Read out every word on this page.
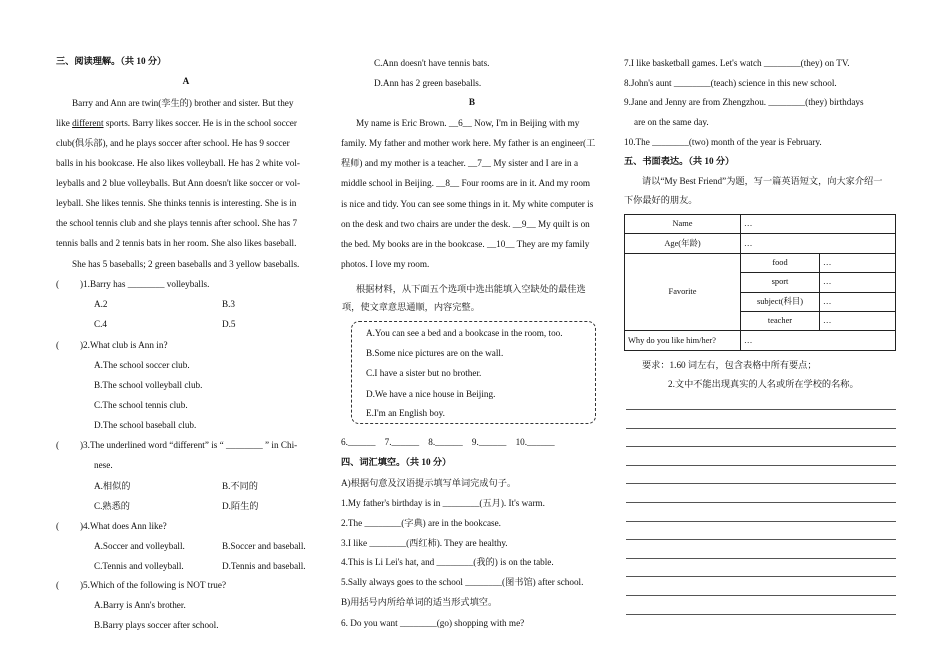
三、阅读理解。（共 10 分）
A
Barry and Ann are twin(孪生的) brother and sister. But they
like different sports. Barry likes soccer. He is in the school soccer
club(俱乐部), and he plays soccer after school. He has 9 soccer
balls in his bookcase. He also likes volleyball. He has 2 white vol-
leyballs and 2 blue volleyballs. But Ann doesn't like soccer or vol-
leyball. She likes tennis. She thinks tennis is interesting. She is in
the school tennis club and she plays tennis after school. She has 7
tennis balls and 2 tennis bats in her room. She also likes baseball.
She has 5 baseballs; 2 green baseballs and 3 yellow baseballs.
( )1.Barry has ________ volleyballs.
A.2	B.3
C.4	D.5
( )2.What club is Ann in?
A.The school soccer club.
B.The school volleyball club.
C.The school tennis club.
D.The school baseball club.
( )3.The underlined word “different” is “ ________ ” in Chi-
nese.
A.相似的	B.不同的
C.熟悉的	D.陌生的
( )4.What does Ann like?
A.Soccer and volleyball.	B.Soccer and baseball.
C.Tennis and volleyball.	D.Tennis and baseball.
( )5.Which of the following is NOT true?
A.Barry is Ann's brother.
B.Barry plays soccer after school.
C.Ann doesn't have tennis bats.
D.Ann has 2 green baseballs.
B
My name is Eric Brown. __6__ Now, I'm in Beijing with my
family. My father and mother work here. My father is an engineer(工
程师) and my mother is a teacher. __7__ My sister and I are in a
middle school in Beijing. __8__ Four rooms are in it. And my room
is nice and tidy. You can see some things in it. My white computer is
on the desk and two chairs are under the desk. __9__ My quilt is on
the bed. My books are in the bookcase. __10__ They are my family
photos. I love my room.
根据材料，从下面五个选项中选出能填入空缺处的最佳选
项，使文章意思通顺，内容完整。
A.You can see a bed and a bookcase in the room, too.
B.Some nice pictures are on the wall.
C.I have a sister but no brother.
D.We have a nice house in Beijing.
E.I'm an English boy.
6.______    7.______    8.______    9.______    10.______
四、词汇填空。（共 10 分）
A)根据句意及汉语提示填写单词完成句子。
1.My father's birthday is in ________(五月). It's warm.
2.The ________(字典) are in the bookcase.
3.I like ________(西红柿). They are healthy.
4.This is Li Lei's hat, and ________(我的) is on the table.
5.Sally always goes to the school ________(图书馆) after school.
B)用括号内所给单词的适当形式填空。
6. Do you want ________(go) shopping with me?
7.I like basketball games. Let's watch ________(they) on TV.
8.John's aunt ________(teach) science in this new school.
9.Jane and Jenny are from Zhengzhou. ________(they) birthdays
are on the same day.
10.The ________(two) month of the year is February.
五、书面表达。（共 10 分）
请以“My Best Friend”为题，写一篇英语短文，向大家介绍一
下你最好的朋友。
Name	…	
Age(年龄)	…	
Favorite	food	…
	sport	…
	subject(科目)	…
	teacher	…
Why do you like him/her?	…	
要求：1.60 词左右，包含表格中所有要点；
2.文中不能出现真实的人名或所在学校的名称。
